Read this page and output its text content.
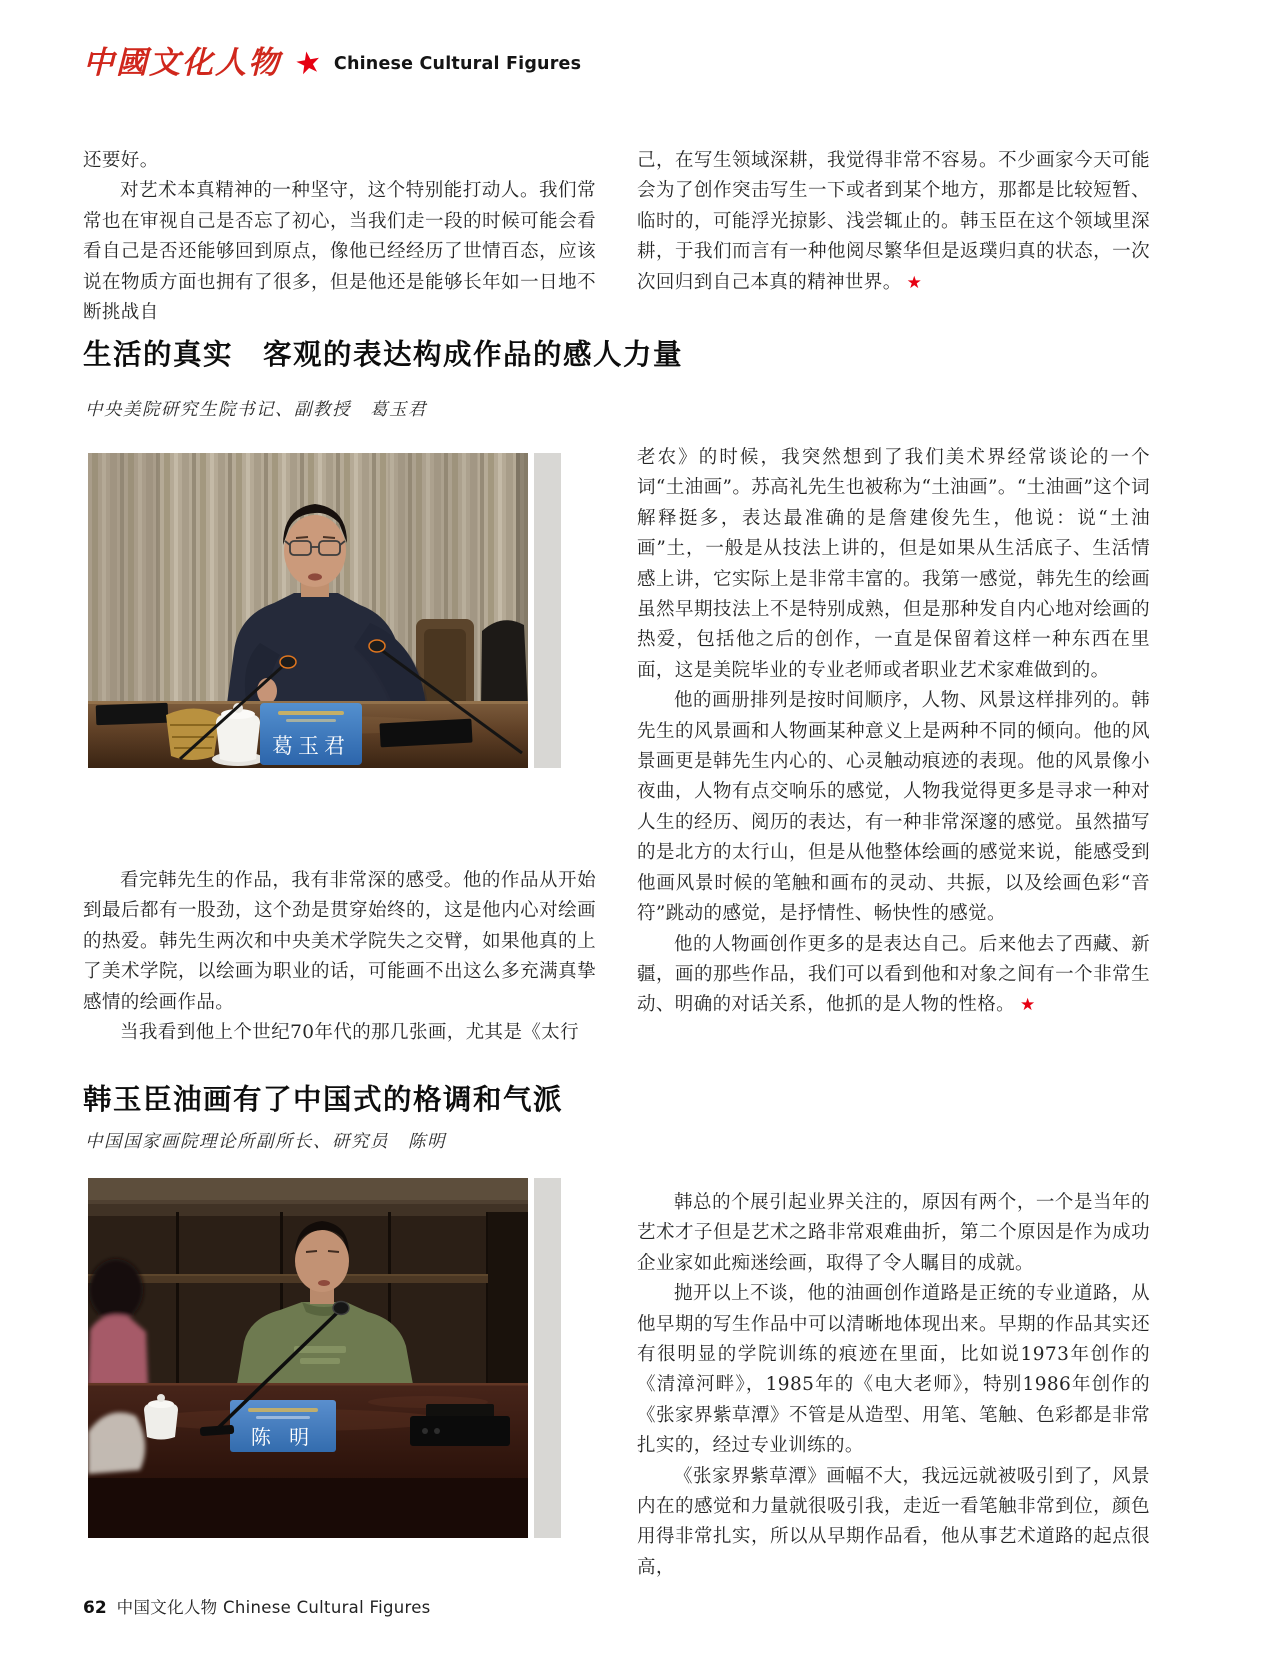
中國文化人物 ★ Chinese Cultural Figures

还要好。

对艺术本真精神的一种坚守，这个特别能打动人。我们常常也在审视自己是否忘了初心，当我们走一段的时候可能会看看自己是否还能够回到原点，像他已经经历了世情百态，应该说在物质方面也拥有了很多，但是他还是能够长年如一日地不断挑战自

己，在写生领域深耕，我觉得非常不容易。不少画家今天可能会为了创作突击写生一下或者到某个地方，那都是比较短暂、临时的，可能浮光掠影、浅尝辄止的。韩玉臣在这个领域里深耕，于我们而言有一种他阅尽繁华但是返璞归真的状态，一次次回归到自己本真的精神世界。 ★

生活的真实　客观的表达构成作品的感人力量

中央美院研究生院书记、副教授　葛玉君

葛玉君

老农》的时候，我突然想到了我们美术界经常谈论的一个词“土油画”。苏高礼先生也被称为“土油画”。“土油画”这个词解释挺多，表达最准确的是詹建俊先生，他说：说“土油画”土，一般是从技法上讲的，但是如果从生活底子、生活情感上讲，它实际上是非常丰富的。我第一感觉，韩先生的绘画虽然早期技法上不是特别成熟，但是那种发自内心地对绘画的热爱，包括他之后的创作，一直是保留着这样一种东西在里面，这是美院毕业的专业老师或者职业艺术家难做到的。

他的画册排列是按时间顺序，人物、风景这样排列的。韩先生的风景画和人物画某种意义上是两种不同的倾向。他的风景画更是韩先生内心的、心灵触动痕迹的表现。他的风景像小夜曲，人物有点交响乐的感觉，人物我觉得更多是寻求一种对人生的经历、阅历的表达，有一种非常深邃的感觉。虽然描写的是北方的太行山，但是从他整体绘画的感觉来说，能感受到他画风景时候的笔触和画布的灵动、共振，以及绘画色彩“音符”跳动的感觉，是抒情性、畅快性的感觉。

他的人物画创作更多的是表达自己。后来他去了西藏、新疆，画的那些作品，我们可以看到他和对象之间有一个非常生动、明确的对话关系，他抓的是人物的性格。 ★

看完韩先生的作品，我有非常深的感受。他的作品从开始到最后都有一股劲，这个劲是贯穿始终的，这是他内心对绘画的热爱。韩先生两次和中央美术学院失之交臂，如果他真的上了美术学院，以绘画为职业的话，可能画不出这么多充满真挚感情的绘画作品。

当我看到他上个世纪70年代的那几张画，尤其是《太行

韩玉臣油画有了中国式的格调和气派

中国国家画院理论所副所长、研究员　陈明

陈 明

韩总的个展引起业界关注的，原因有两个，一个是当年的艺术才子但是艺术之路非常艰难曲折，第二个原因是作为成功企业家如此痴迷绘画，取得了令人瞩目的成就。

抛开以上不谈，他的油画创作道路是正统的专业道路，从他早期的写生作品中可以清晰地体现出来。早期的作品其实还有很明显的学院训练的痕迹在里面，比如说1973年创作的《清漳河畔》，1985年的《电大老师》，特别1986年创作的《张家界紫草潭》不管是从造型、用笔、笔触、色彩都是非常扎实的，经过专业训练的。

《张家界紫草潭》画幅不大，我远远就被吸引到了，风景内在的感觉和力量就很吸引我，走近一看笔触非常到位，颜色用得非常扎实，所以从早期作品看，他从事艺术道路的起点很高，

62 中国文化人物 Chinese Cultural Figures
